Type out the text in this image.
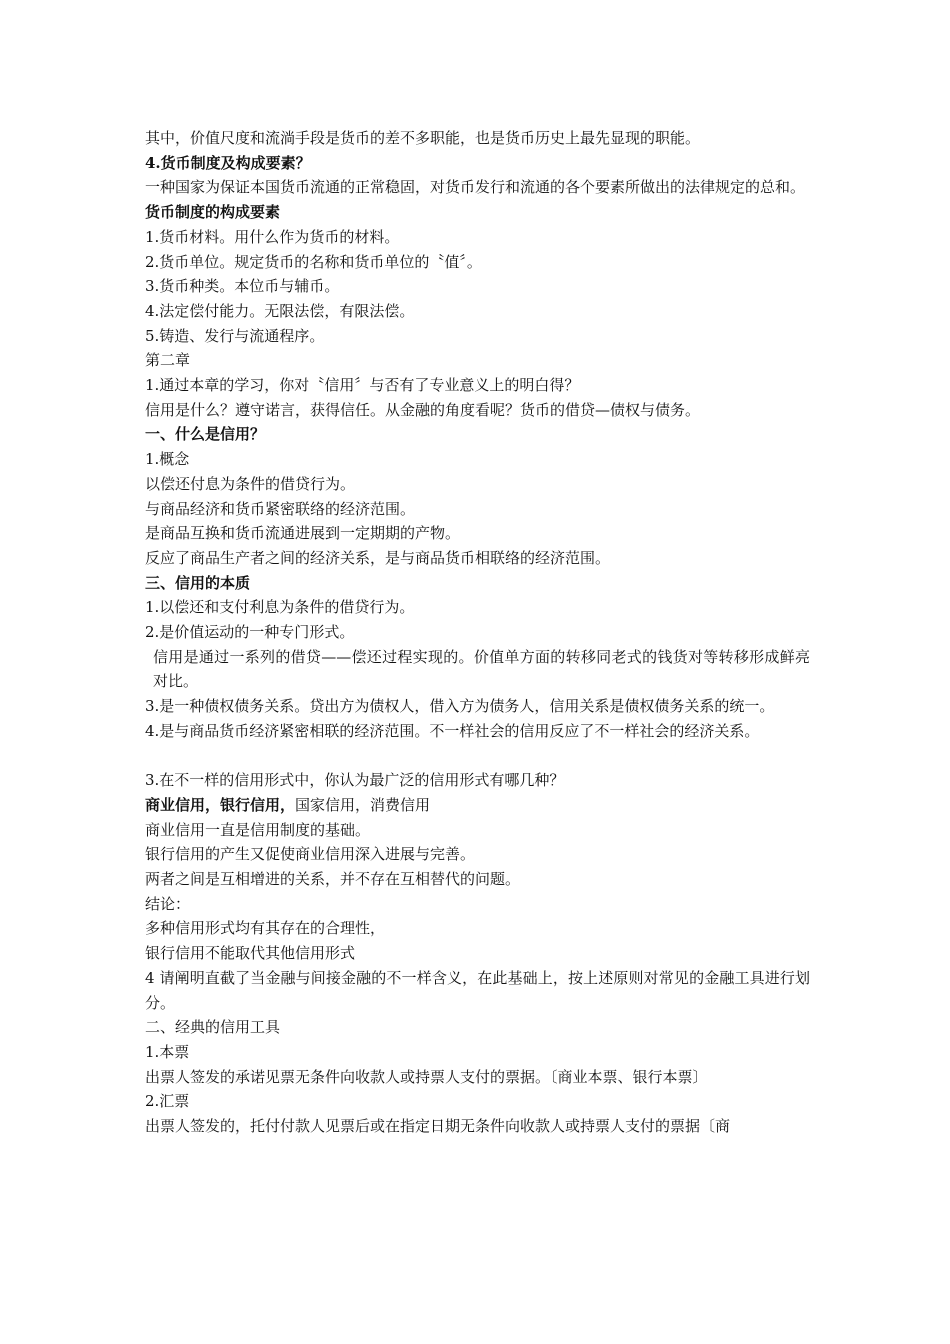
其中，价值尺度和流淌手段是货币的差不多职能，也是货币历史上最先显现的职能。

4.货币制度及构成要素？

一种国家为保证本国货币流通的正常稳固，对货币发行和流通的各个要素所做出的法律规定的总和。

货币制度的构成要素

1.货币材料。用什么作为货币的材料。

2.货币单位。规定货币的名称和货币单位的〝值〞。

3.货币种类。本位币与辅币。

4.法定偿付能力。无限法偿，有限法偿。

5.铸造、发行与流通程序。

第二章

1.通过本章的学习，你对〝信用〞与否有了专业意义上的明白得？

信用是什么？遵守诺言，获得信任。从金融的角度看呢？货币的借贷—债权与债务。

一、什么是信用？

1.概念

以偿还付息为条件的借贷行为。

与商品经济和货币紧密联络的经济范围。

是商品互换和货币流通进展到一定期期的产物。

反应了商品生产者之间的经济关系，是与商品货币相联络的经济范围。

三、信用的本质

1.以偿还和支付利息为条件的借贷行为。

2.是价值运动的一种专门形式。

信用是通过一系列的借贷——偿还过程实现的。价值单方面的转移同老式的钱货对等转移形成鲜亮对比。

3.是一种债权债务关系。贷出方为债权人，借入方为债务人，信用关系是债权债务关系的统一。

4.是与商品货币经济紧密相联的经济范围。不一样社会的信用反应了不一样社会的经济关系。

3.在不一样的信用形式中，你认为最广泛的信用形式有哪几种？

商业信用，银行信用，国家信用，消费信用

商业信用一直是信用制度的基础。

银行信用的产生又促使商业信用深入进展与完善。

两者之间是互相增进的关系，并不存在互相替代的问题。

结论：

多种信用形式均有其存在的合理性，

银行信用不能取代其他信用形式

4 请阐明直截了当金融与间接金融的不一样含义，在此基础上，按上述原则对常见的金融工具进行划分。

二、经典的信用工具

1.本票

出票人签发的承诺见票无条件向收款人或持票人支付的票据。〔商业本票、银行本票〕

2.汇票

出票人签发的，托付付款人见票后或在指定日期无条件向收款人或持票人支付的票据〔商
